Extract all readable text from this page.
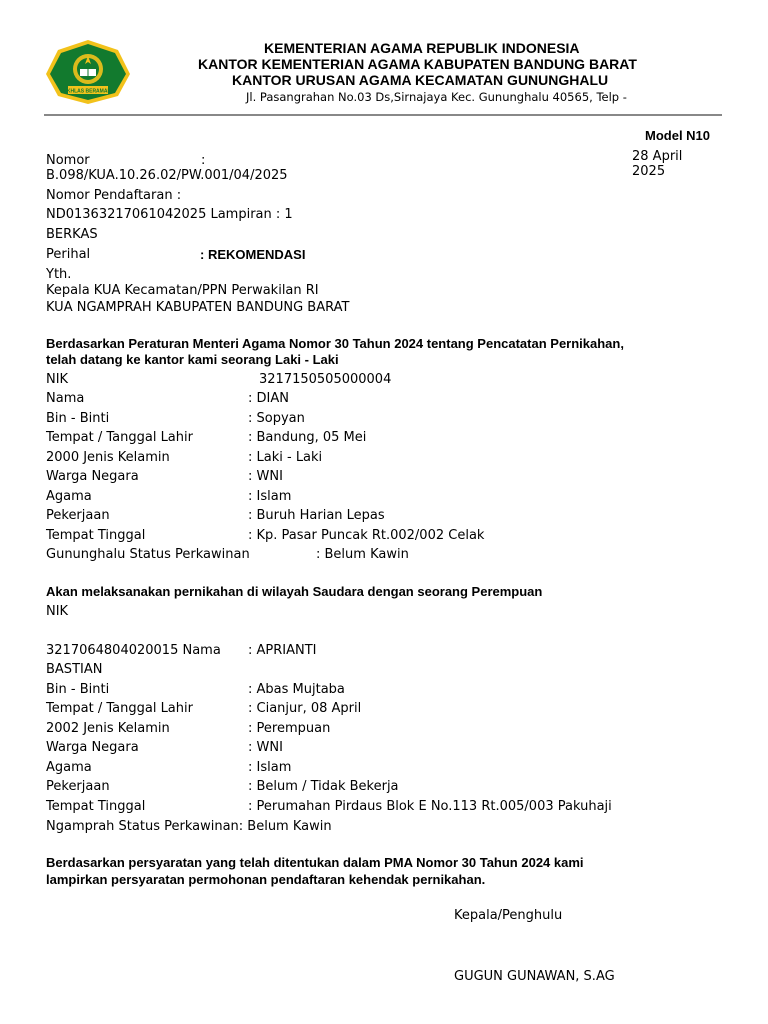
IKHLAS BERAMAL
KEMENTERIAN AGAMA REPUBLIK INDONESIA
KANTOR KEMENTERIAN AGAMA KABUPATEN BANDUNG BARAT
KANTOR URUSAN AGAMA KECAMATAN GUNUNGHALU
Jl. Pasangrahan No.03 Ds,Sirnajaya Kec. Gununghalu 40565, Telp -
Model N10
28 April
2025
Nomor	:
B.098/KUA.10.26.02/PW.001/04/2025
Nomor Pendaftaran :
ND01363217061042025 Lampiran : 1
BERKAS
Perihal	: REKOMENDASI
Yth.
Kepala KUA Kecamatan/PPN Perwakilan RI
KUA NGAMPRAH KABUPATEN BANDUNG BARAT
Berdasarkan Peraturan Menteri Agama Nomor 30 Tahun 2024 tentang Pencatatan Pernikahan,
telah datang ke kantor kami seorang Laki - Laki
NIK	3217150505000004
Nama	: DIAN
Bin - Binti	: Sopyan
Tempat / Tanggal Lahir	: Bandung, 05 Mei
2000 Jenis Kelamin	: Laki - Laki
Warga Negara	: WNI
Agama	: Islam
Pekerjaan	: Buruh Harian Lepas
Tempat Tinggal	: Kp. Pasar Puncak Rt.002/002 Celak
Gununghalu Status Perkawinan	: Belum Kawin
Akan melaksanakan pernikahan di wilayah Saudara dengan seorang Perempuan
NIK
3217064804020015 Nama : APRIANTI
BASTIAN
Bin - Binti	: Abas Mujtaba
Tempat / Tanggal Lahir	: Cianjur, 08 April
2002 Jenis Kelamin	: Perempuan
Warga Negara	: WNI
Agama	: Islam
Pekerjaan	: Belum / Tidak Bekerja
Tempat Tinggal	: Perumahan Pirdaus Blok E No.113 Rt.005/003 Pakuhaji
Ngamprah Status Perkawinan: Belum Kawin
Berdasarkan persyaratan yang telah ditentukan dalam PMA Nomor 30 Tahun 2024 kami
lampirkan persyaratan permohonan pendaftaran kehendak pernikahan.
Kepala/Penghulu
GUGUN GUNAWAN, S.AG
